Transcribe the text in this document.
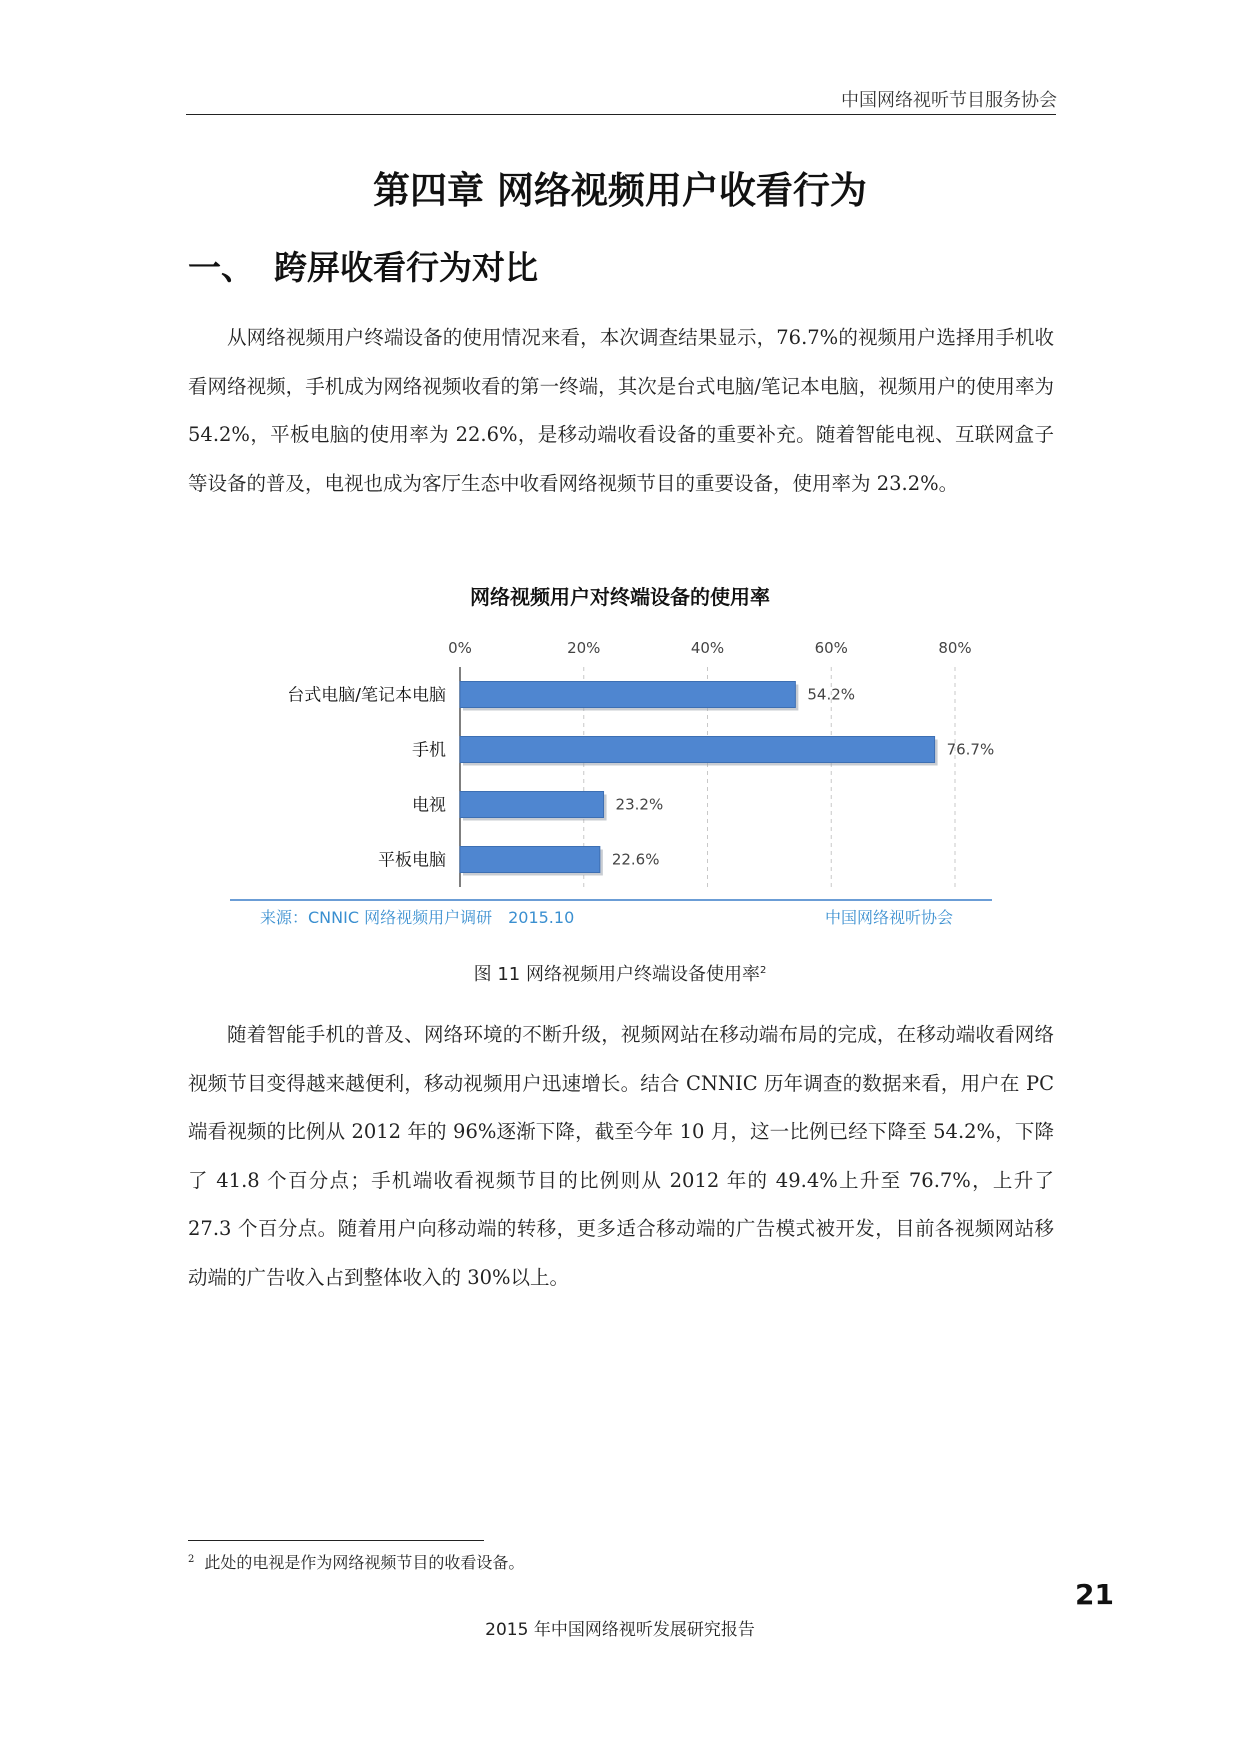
中国网络视听节目服务协会
第四章 网络视频用户收看行为
一、 跨屏收看行为对比

从网络视频用户终端设备的使用情况来看，本次调查结果显示，76.7%的视频用户选择用手机收看网络视频，手机成为网络视频收看的第一终端，其次是台式电脑/笔记本电脑，视频用户的使用率为 54.2%，平板电脑的使用率为 22.6%，是移动端收看设备的重要补充。随着智能电视、互联网盒子等设备的普及，电视也成为客厅生态中收看网络视频节目的重要设备，使用率为 23.2%。

网络视频用户对终端设备的使用率
0%	20%	40%	60%	80%
台式电脑/笔记本电脑	54.2%
手机	76.7%
电视	23.2%
平板电脑	22.6%
来源：CNNIC 网络视频用户调研　2015.10	中国网络视听协会
图 11 网络视频用户终端设备使用率$^2$

随着智能手机的普及、网络环境的不断升级，视频网站在移动端布局的完成，在移动端收看网络视频节目变得越来越便利，移动视频用户迅速增长。结合 CNNIC 历年调查的数据来看，用户在 PC 端看视频的比例从 2012 年的 96%逐渐下降，截至今年 10 月，这一比例已经下降至 54.2%，下降了 41.8 个百分点；手机端收看视频节目的比例则从 2012 年的 49.4%上升至 76.7%，上升了 27.3 个百分点。随着用户向移动端的转移，更多适合移动端的广告模式被开发，目前各视频网站移动端的广告收入占到整体收入的 30%以上。

$^2$ 此处的电视是作为网络视频节目的收看设备。
21
2015 年中国网络视听发展研究报告
